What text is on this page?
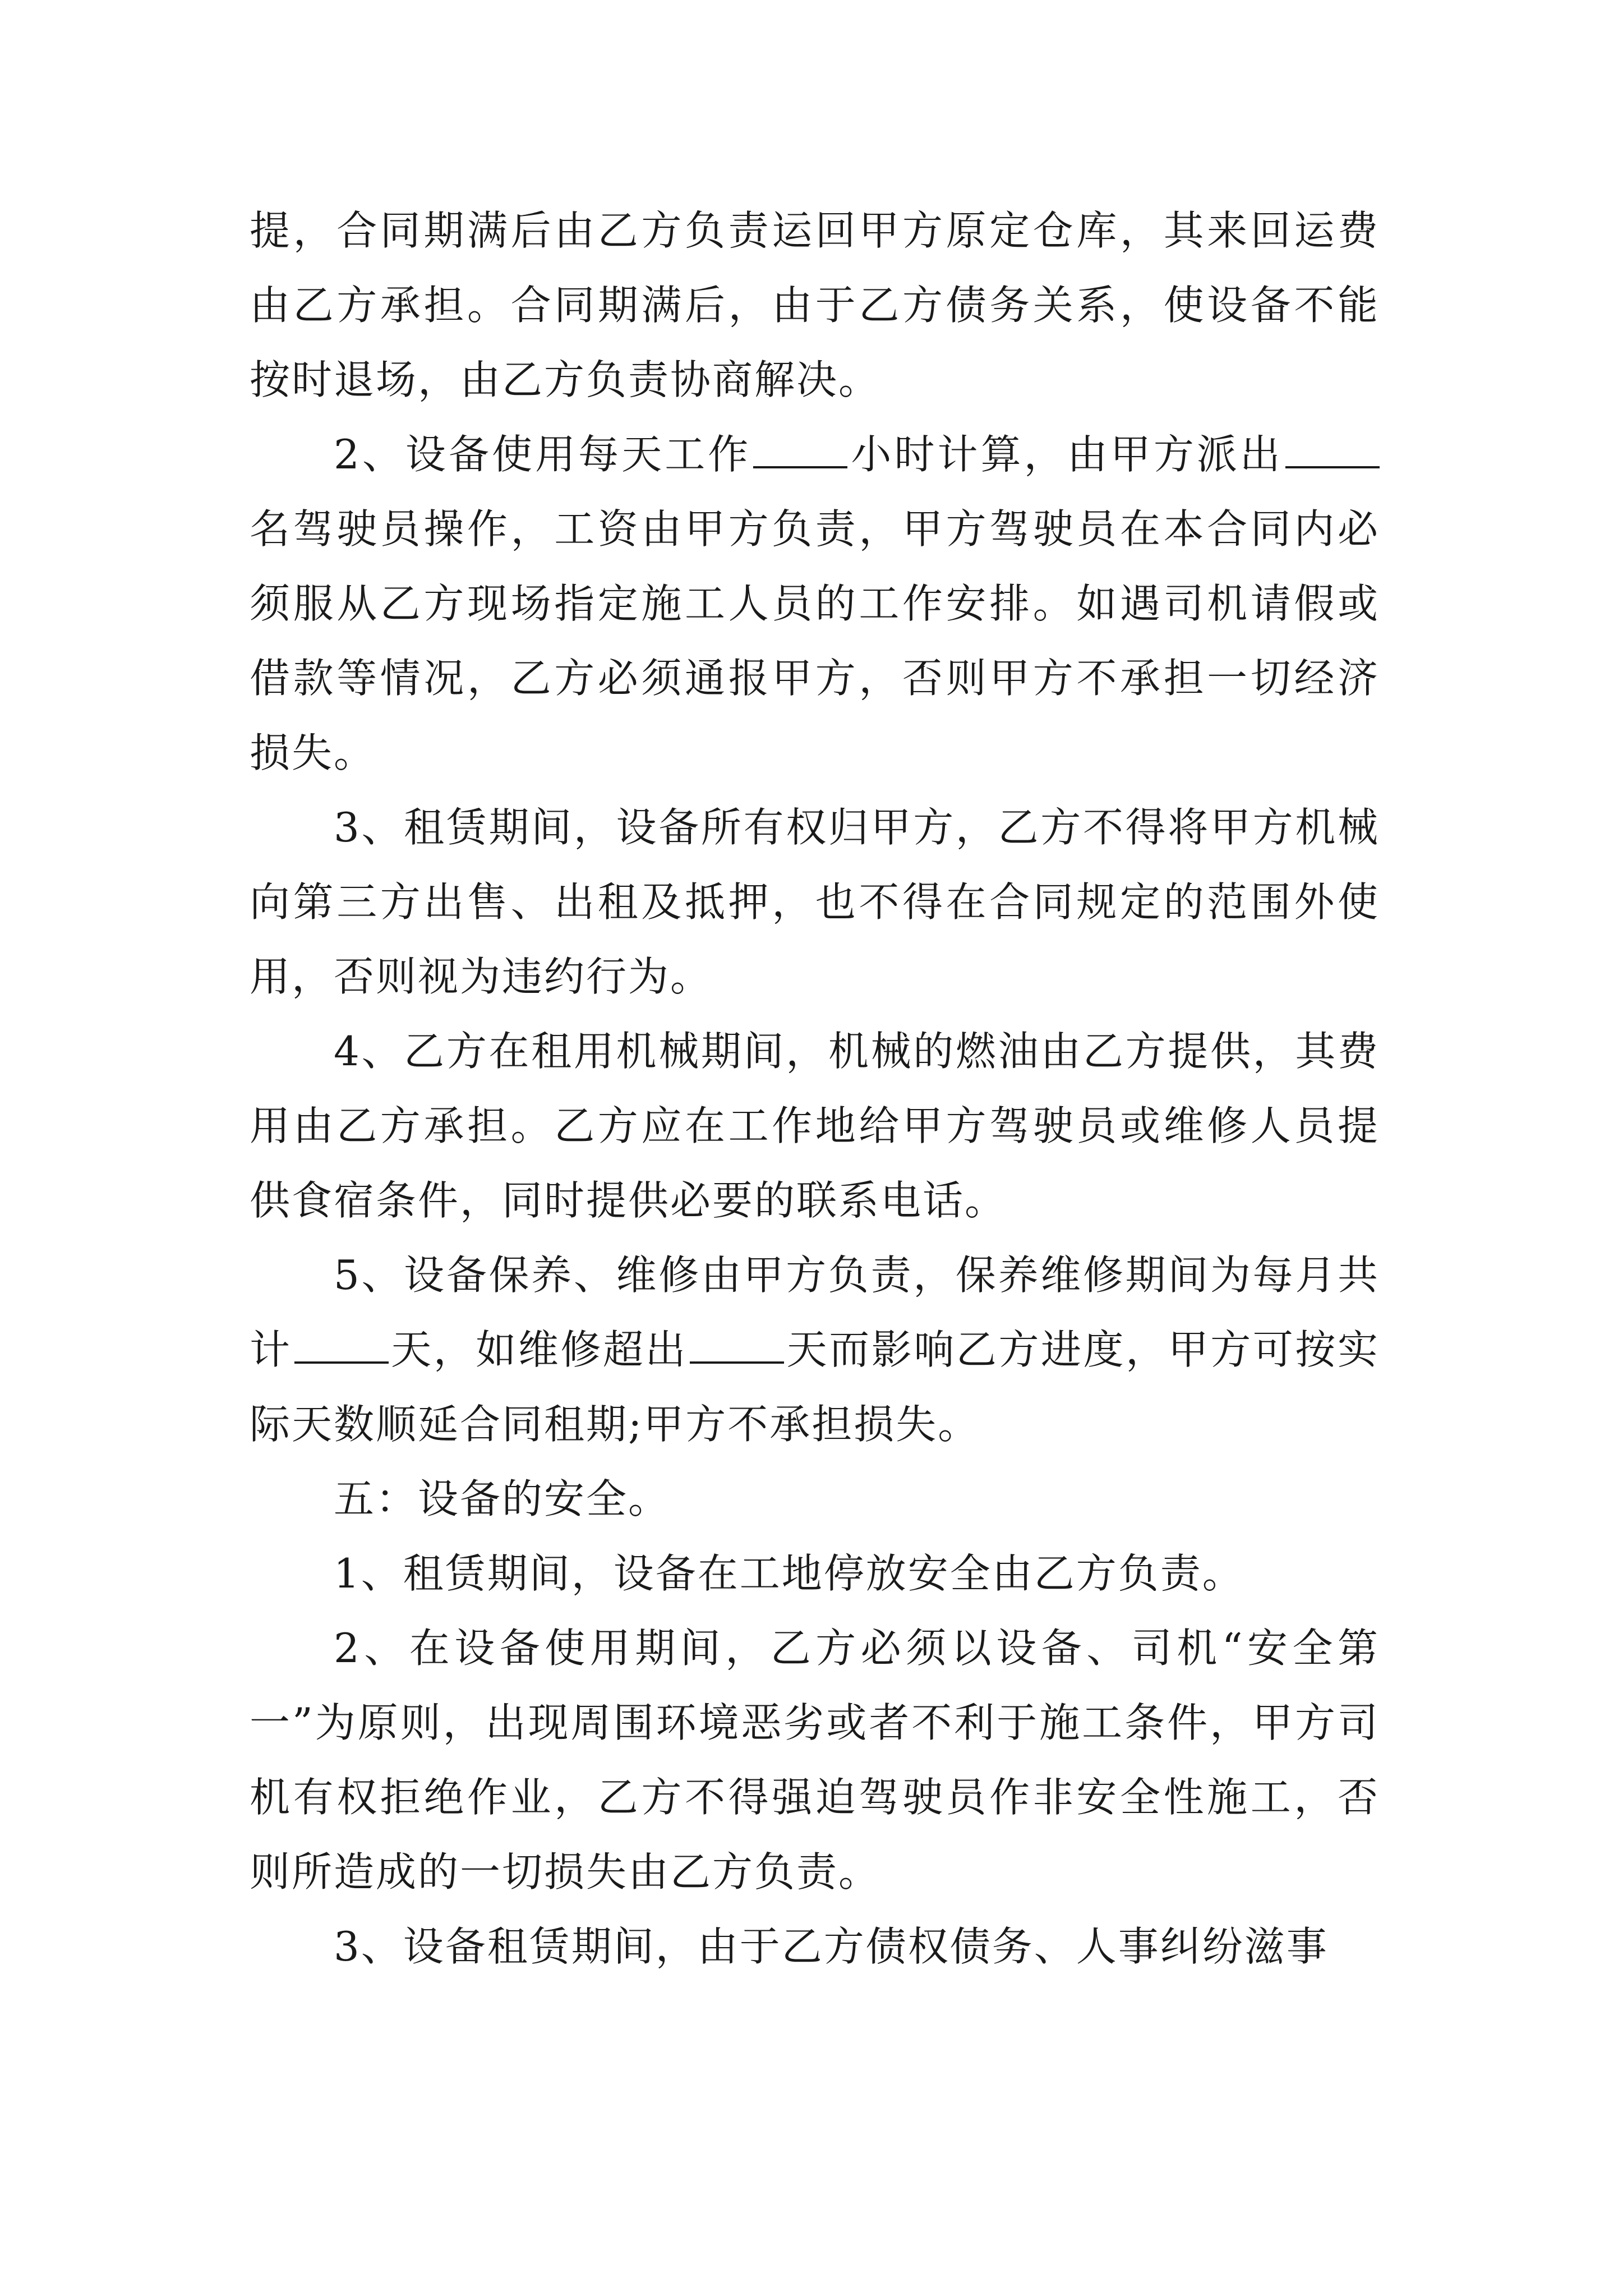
提，合同期满后由乙方负责运回甲方原定仓库，其来回运费由乙方承担。合同期满后，由于乙方债务关系，使设备不能按时退场，由乙方负责协商解决。

2、设备使用每天工作 小时计算，由甲方派出名驾驶员操作，工资由甲方负责，甲方驾驶员在本合同内必须服从乙方现场指定施工人员的工作安排。如遇司机请假或借款等情况，乙方必须通报甲方，否则甲方不承担一切经济损失。

3、租赁期间，设备所有权归甲方，乙方不得将甲方机械向第三方出售、出租及抵押，也不得在合同规定的范围外使用，否则视为违约行为。

4、乙方在租用机械期间，机械的燃油由乙方提供，其费用由乙方承担。乙方应在工作地给甲方驾驶员或维修人员提供食宿条件，同时提供必要的联系电话。

5、设备保养、维修由甲方负责，保养维修期间为每月共计 天，如维修超出 天而影响乙方进度，甲方可按实际天数顺延合同租期;甲方不承担损失。

五：设备的安全。

1、租赁期间，设备在工地停放安全由乙方负责。

2、在设备使用期间，乙方必须以设备、司机“安全第一”为原则，出现周围环境恶劣或者不利于施工条件，甲方司机有权拒绝作业，乙方不得强迫驾驶员作非安全性施工，否则所造成的一切损失由乙方负责。

3、设备租赁期间，由于乙方债权债务、人事纠纷滋事
